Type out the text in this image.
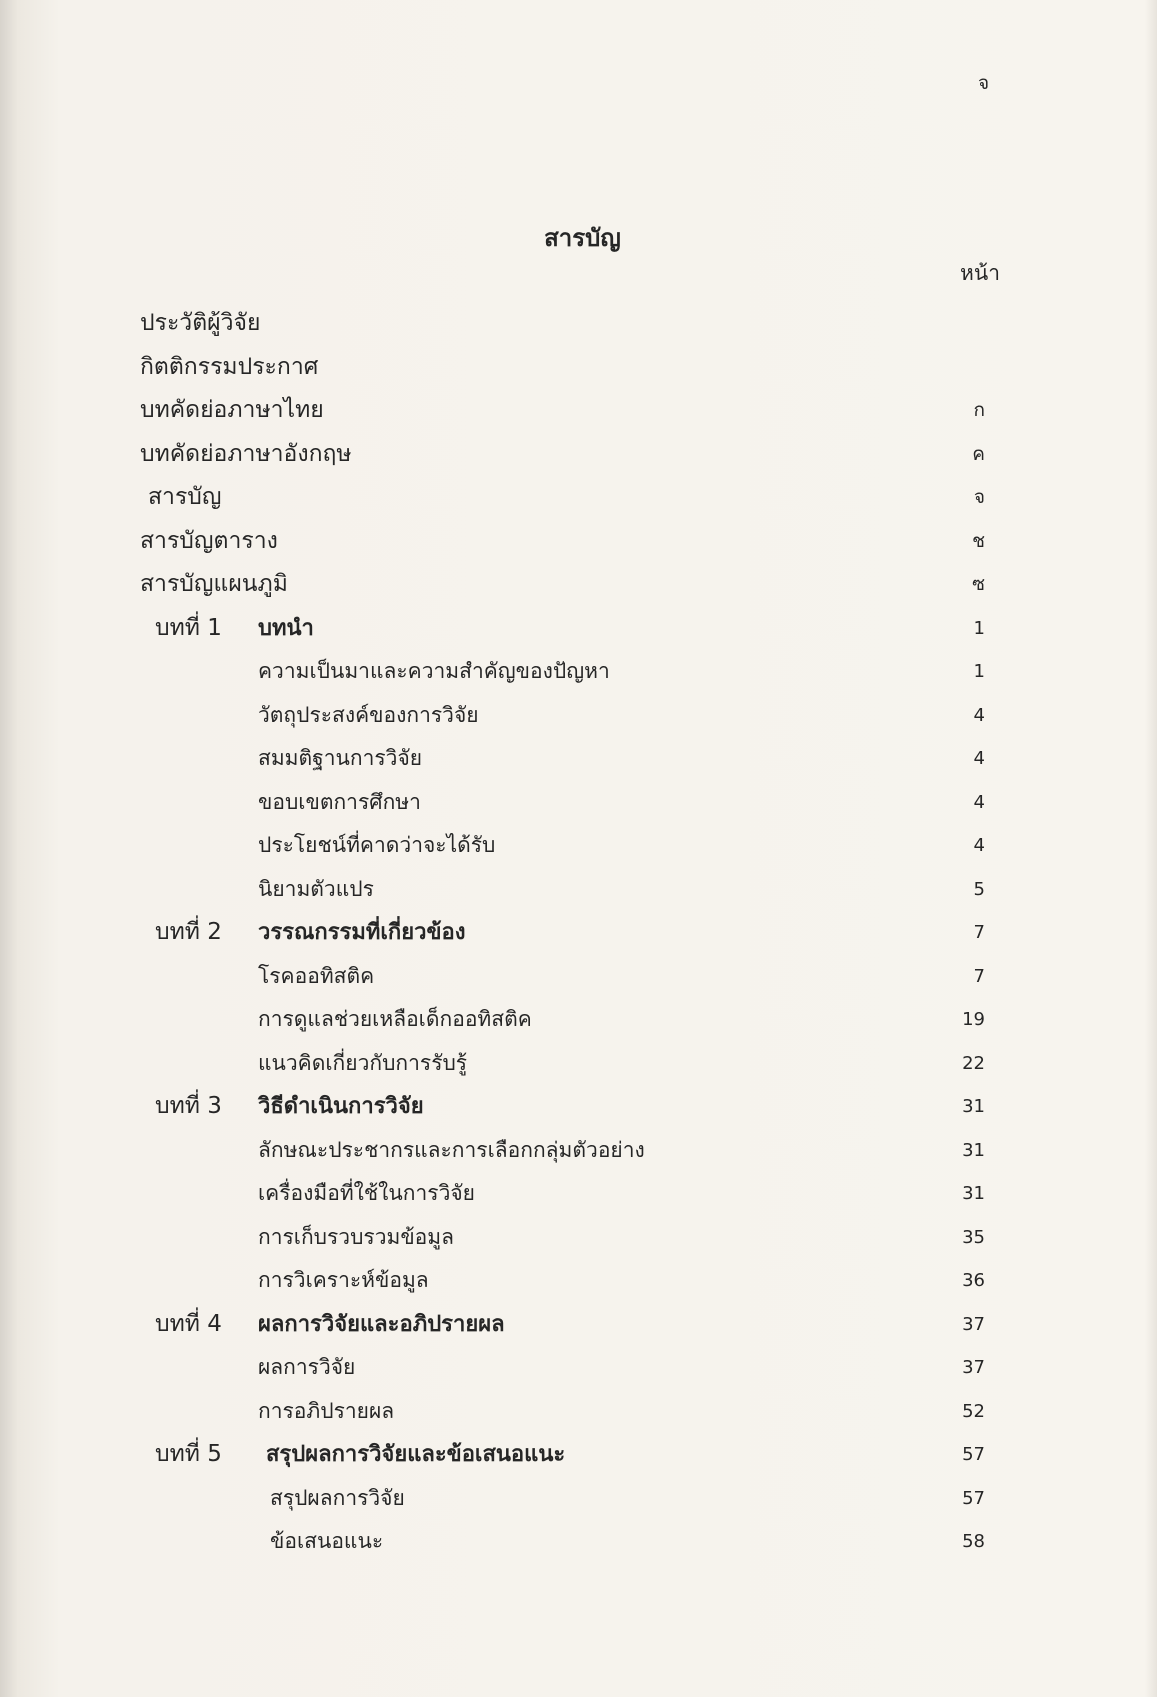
จ
สารบัญ
หน้า
ประวัติผู้วิจัย
กิตติกรรมประกาศ
บทคัดย่อภาษาไทย	ก
บทคัดย่อภาษาอังกฤษ	ค
สารบัญ	จ
สารบัญตาราง	ช
สารบัญแผนภูมิ	ซ
บทที่ 1 บทนำ	1
ความเป็นมาและความสำคัญของปัญหา	1
วัตถุประสงค์ของการวิจัย	4
สมมติฐานการวิจัย	4
ขอบเขตการศึกษา	4
ประโยชน์ที่คาดว่าจะได้รับ	4
นิยามตัวแปร	5
บทที่ 2 วรรณกรรมที่เกี่ยวข้อง	7
โรคออทิสติค	7
การดูแลช่วยเหลือเด็กออทิสติค	19
แนวคิดเกี่ยวกับการรับรู้	22
บทที่ 3 วิธีดำเนินการวิจัย	31
ลักษณะประชากรและการเลือกกลุ่มตัวอย่าง	31
เครื่องมือที่ใช้ในการวิจัย	31
การเก็บรวบรวมข้อมูล	35
การวิเคราะห์ข้อมูล	36
บทที่ 4 ผลการวิจัยและอภิปรายผล	37
ผลการวิจัย	37
การอภิปรายผล	52
บทที่ 5 สรุปผลการวิจัยและข้อเสนอแนะ	57
สรุปผลการวิจัย	57
ข้อเสนอแนะ	58
